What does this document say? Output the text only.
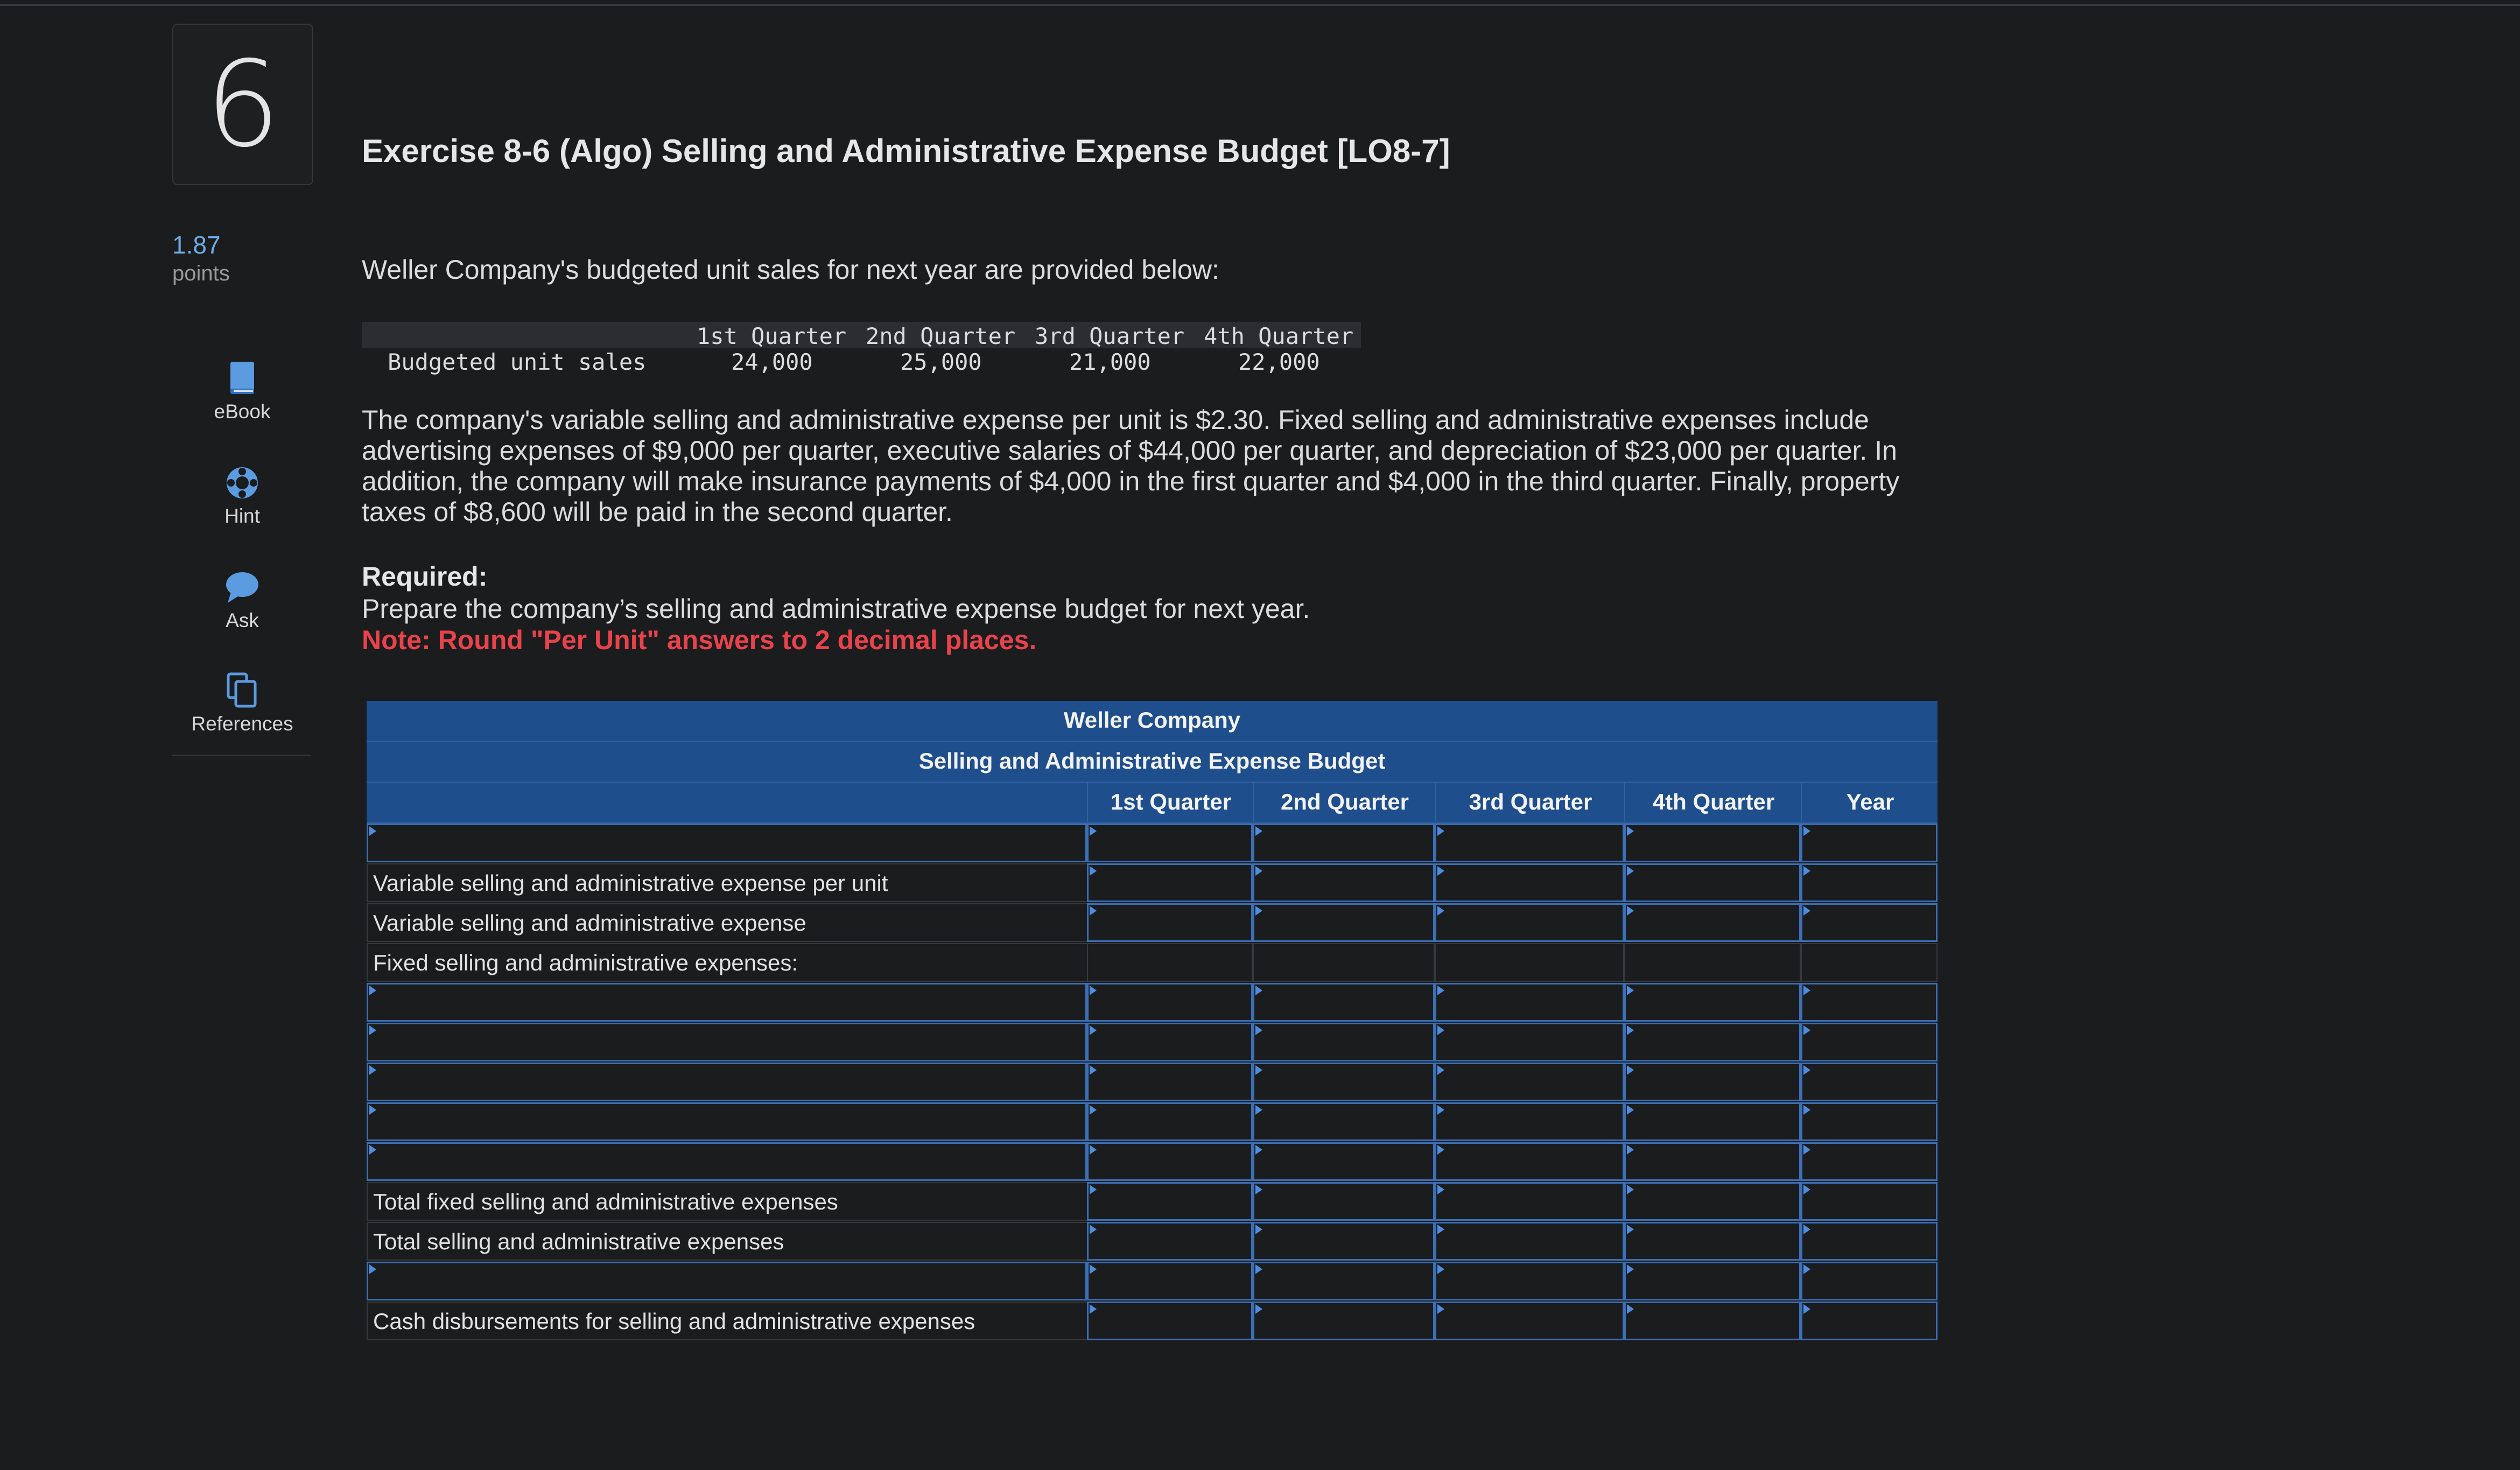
6
1.87
points
eBook
Hint
Ask
References
Exercise 8-6 (Algo) Selling and Administrative Expense Budget [LO8-7]
Weller Company's budgeted unit sales for next year are provided below:
1st Quarter 2nd Quarter 3rd Quarter 4th Quarter
Budgeted unit sales	24,000	25,000	21,000	22,000
The company's variable selling and administrative expense per unit is $2.30. Fixed selling and administrative expenses include advertising expenses of $9,000 per quarter, executive salaries of $44,000 per quarter, and depreciation of $23,000 per quarter. In addition, the company will make insurance payments of $4,000 in the first quarter and $4,000 in the third quarter. Finally, property taxes of $8,600 will be paid in the second quarter.
Required:
Prepare the company’s selling and administrative expense budget for next year.
Note: Round "Per Unit" answers to 2 decimal places.
Weller Company
Selling and Administrative Expense Budget
1st Quarter	2nd Quarter	3rd Quarter	4th Quarter	Year
Variable selling and administrative expense per unit
Variable selling and administrative expense
Fixed selling and administrative expenses:
Total fixed selling and administrative expenses
Total selling and administrative expenses
Cash disbursements for selling and administrative expenses
